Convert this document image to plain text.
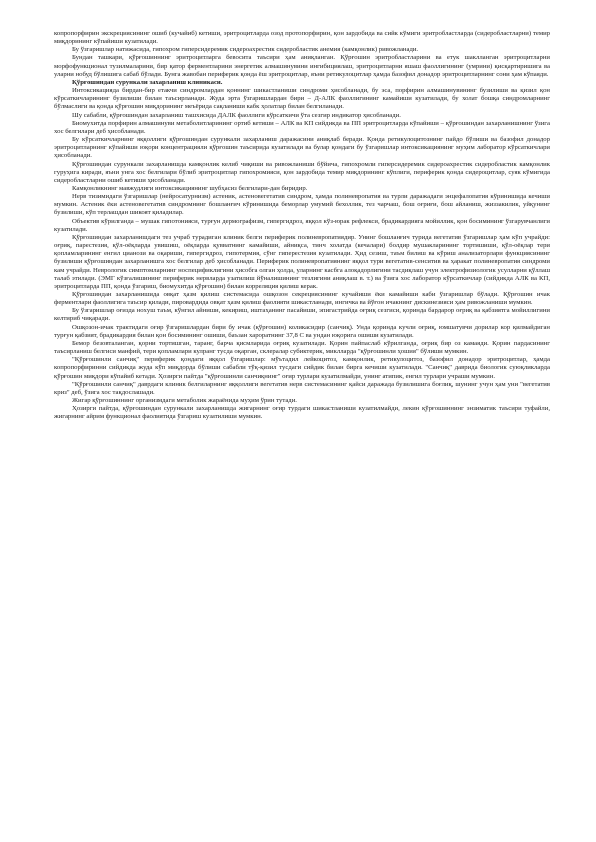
копропорфирин экскрециясининг ошиб (кучайиб) кетиши, эритроцитларда озод протопорфирин, қон зардобида ва сийк кўмиги эритробластларда (сидеробластларни) темир миқдорининг кўпайиши кузатилади.

Бу ўзгаришлар натижасида, гипохром гиперсидеремик сидероахрестик сидеробластик анемия (камқонлик) ривожланади.

Бундан ташкари, қўрғошиннинг эритроцитларга бевосита таъсири ҳам аниқланган. Қўрғошин эритробластларини ва етук шаклланган эритроцитларни морфофункционал тузилмаларини, бир қатор ферментларини энергетик алмашинувини ингибициялаш, эритроцитларни яшаш фаоллигининг (умрини) қисқартиришига ва уларни нобуд бўлишига сабаб бўлади. Бунга жавобан периферик қонда ёш эритроцитлар, яъни ретикулоцитлар ҳамда базофил донадор эритроцитларнинг сони ҳам кўпаяди.

Қўрғошиндан сурункали захарланиш клиникаси.

Интоксикацияда бирдан-бир етакчи синдромлардан қоннинг шикастланиши синдроми ҳисобланади, бу эса, порфирин алмашинувининг бузилиши ва қизил қон кўрсаткичларининг бузилиши билан таъсирланади. Жуда эрта ўзгаришлардан бири – Д-АЛК фаоллигининг камайиши кузатилади, бу холат бошқа синдромларнинг бўлмаслиги ва қонда қўрғошин миқдорининг меъёрида сақланиши кабк ҳолатлар билан белгиланади.

Шу сабабли, қўрғошиндан захарланиш ташхисида ДАЛК фаоллиги кўрсаткичи ўта сезгир индикатор ҳисобланади.

Биомухитда порфирин алмашинуви метаболитларининг ортиб кетиши – АЛК ва КП сийдикда ва ПП эритроцитларда кўпайиши – қўрғошиндан захарланишнинг ўзига хос белгилари деб ҳисобланади.

Бу кўрсаткичларнинг яққоллиги қўрғошиндан сурункали захарланиш даражасини аниқлаб беради. Қонда ретикулоцитознинг пайдо бўлиши ва базофил донадор эритроцитларнинг кўпайиши юқори концентрацияли қўрғошин таъсирида кузатилади ва булар қондаги бу ўзгаришлар интоксикациянинг муҳим лаборатор кўрсаткичлари ҳисобланади.

Қўрғошиндан сурункали захарланишда камқонлик келиб чиқиши ва ривожланиши бўйича, гипохромли гиперсидеремик сидероахрестик сидеробластик камқонлик гуруҳига киради, яъни унга хос белгилари бўлиб эритроцитлар гипохромияси, қон зардобида темир миқдорининг кўплиги, периферик қонда сидероцитлар, суяк кўмигида сидеробластларни ошиб кетиши ҳисобланади.

Камқонликнинг мавжудлиги интоксикациянинг шубҳасиз белгилари-дан биридир.

Нерв тизимидаги ўзгаришлар (нейросатурнизм) астеник, астеновегетатив синдром, ҳамда полиневропатия ва турли даражадаги энцефалопатия кўринишида кечиши мумкин. Астеник ёки астеновегетатив синдромнинг бошланғич кўринишида беморлар умумий бехоллик, тез чарчаш, бош оғриғи, бош айланиш, жиззакилик, уйқунинг бузилиши, кўп терлашдан шикоят қиладилар.

Объектив кўрилганда – мушак гипотонияси, турғун дермографизм, гипергидроз, яққол кўз-юрак рефлекси, брадикардияга мойиллик, қон босимининг ўзгарувчанлиги кузатилади.

Қўрғошиндан захарланишдаги тез учраб турадиган клиник белги периферик полиневропатиядир. Унинг бошланғич турида вегетатив ўзгаришлар ҳам кўп учрайди: оғриқ, парестезия, қўл-оёқларда увишиш, оёқларда қувватнинг камайиши, айниқса, тинч холатда (кечалари) болдир мушакларининг тортишиши, қўл-оёқлар тери қопламларининг енгил цианози ва оқариши, гипергидроз, гипотермия, сўнг гиперестезия кузатилади. Ҳид сезиш, таъм билиш ва кўриш анализаторлари функциясининг бузилиши қўрғошиндан захарланишга хос белгилар деб ҳисобланади. Периферик полиневропатиянинг яққол тури вегетатив-сенситив ва ҳаракат полиневропатия синдроми кам учрайди. Неврологик симптомларнинг носпецификлигини ҳисобга олган ҳолда, уларнинг касбга алоқадорлигини тасдиқлаш учун электрофизиологик усулларни қўллаш талаб этилади. (ЭМГ кўзғалишининг периферик нервларда узатилиш йўналишининг тезлигини аниқлаш в. т.) ва ўзига хос лаборатор кўрсаткичлар (сийдикда АЛК ва КП, эритроцитларда ПП, қонда ўзгариш, биомухитда қўрғошин) билан корреляция қилиш керак.

Қўрғошиндан захарланишида овқат ҳазм қилиш системасида ошқозон секрециясининг кучайиши ёки камайиши каби ўзгаришлар бўлади. Қўрғошин ичак ферментлари фаоллигига таъсир қилади, пировардида овқат ҳазм қилиш фаолияти шикастланади, ингичка ва йўғон ичакнинг дискинезияси ҳам ривожланиши мумкин.

Бу ўзгаришлар оғизда ноxуш таъм, кўнгил айниши, кекириш, иштаҳанинг пасайиши, эпигастрийда оғриқ сезгиси, қоринда бардарор оғриқ ва қабзиятга мойиллигини келтириб чиқаради.

Ошқозон-ичак трактидаги оғир ўзгаришлардан бири бу ичак (қўрғошин) коликасидир (санчиқ). Унда қоринда кучли оғриқ, юмшатувчи дорилар кор қилмайдиган турғун қабзият, брадикардия билан қон босимининг ошиши, баъзан хароратнинг 37,8 С ва ундан юқорига ошиши кузатилади.

Бемор безовталанган, қорни тортишган, таранг, барча қисмларида оғриқ кузатилади. Қорин пайпаслаб кўрилганда, оғриқ бир оз камаяди. Қорин пардасининг таъсирланиш белгиси манфий, тери қопламлари кулранг тусда оқарган, склералар субиктерик, миклларда "қўрғошинли ҳошия" бўлиши мумкин.

"Қўрғошинли санчиқ" периферик қондаги яққол ўзгаришлар: мўътадил лейкоцитоз, камқонлик, ретикулоцитоз, базофил донадор эритроцитлар, ҳамда копропорфиринни сийдикда жуда кўп миқдорда бўлиши сабабли тўқ-қизил тусдаги сийдик билан бирга кечиши кузатилади. "Санчиқ" даврида биологик суюқликларда қўрғошин миқдори кўпайиб кетади. Ҳозирги пайтда "қўрғошинли санчиқнинг" оғир турлари кузатилмайди, унинг атипик, енгил турлари учраши мумкин.

"Қўрғошинли санчиқ" даврдаги клиник белгиларнинг яққоллиги вегетатив нерв системасининг қайси даражада бузилишига боғлиқ, шунинг учун ҳам уни "вегетатив криз" деб, ўзига хос тақдослашади.

Жигар қўрғошиннинг организмдаги метаболик жараёнида муҳим ўрин тутади.

Ҳозирги пайтда, қўрғошиндан сурункали захарланишда жигарнинг оғир турдаги шикастланиши кузатилмайди, лекин қўрғошиннинг энзиматик таъсири туфайли, жигарнинг айрим функционал фаолиятида ўзгариш кузатилиши мумкин.
